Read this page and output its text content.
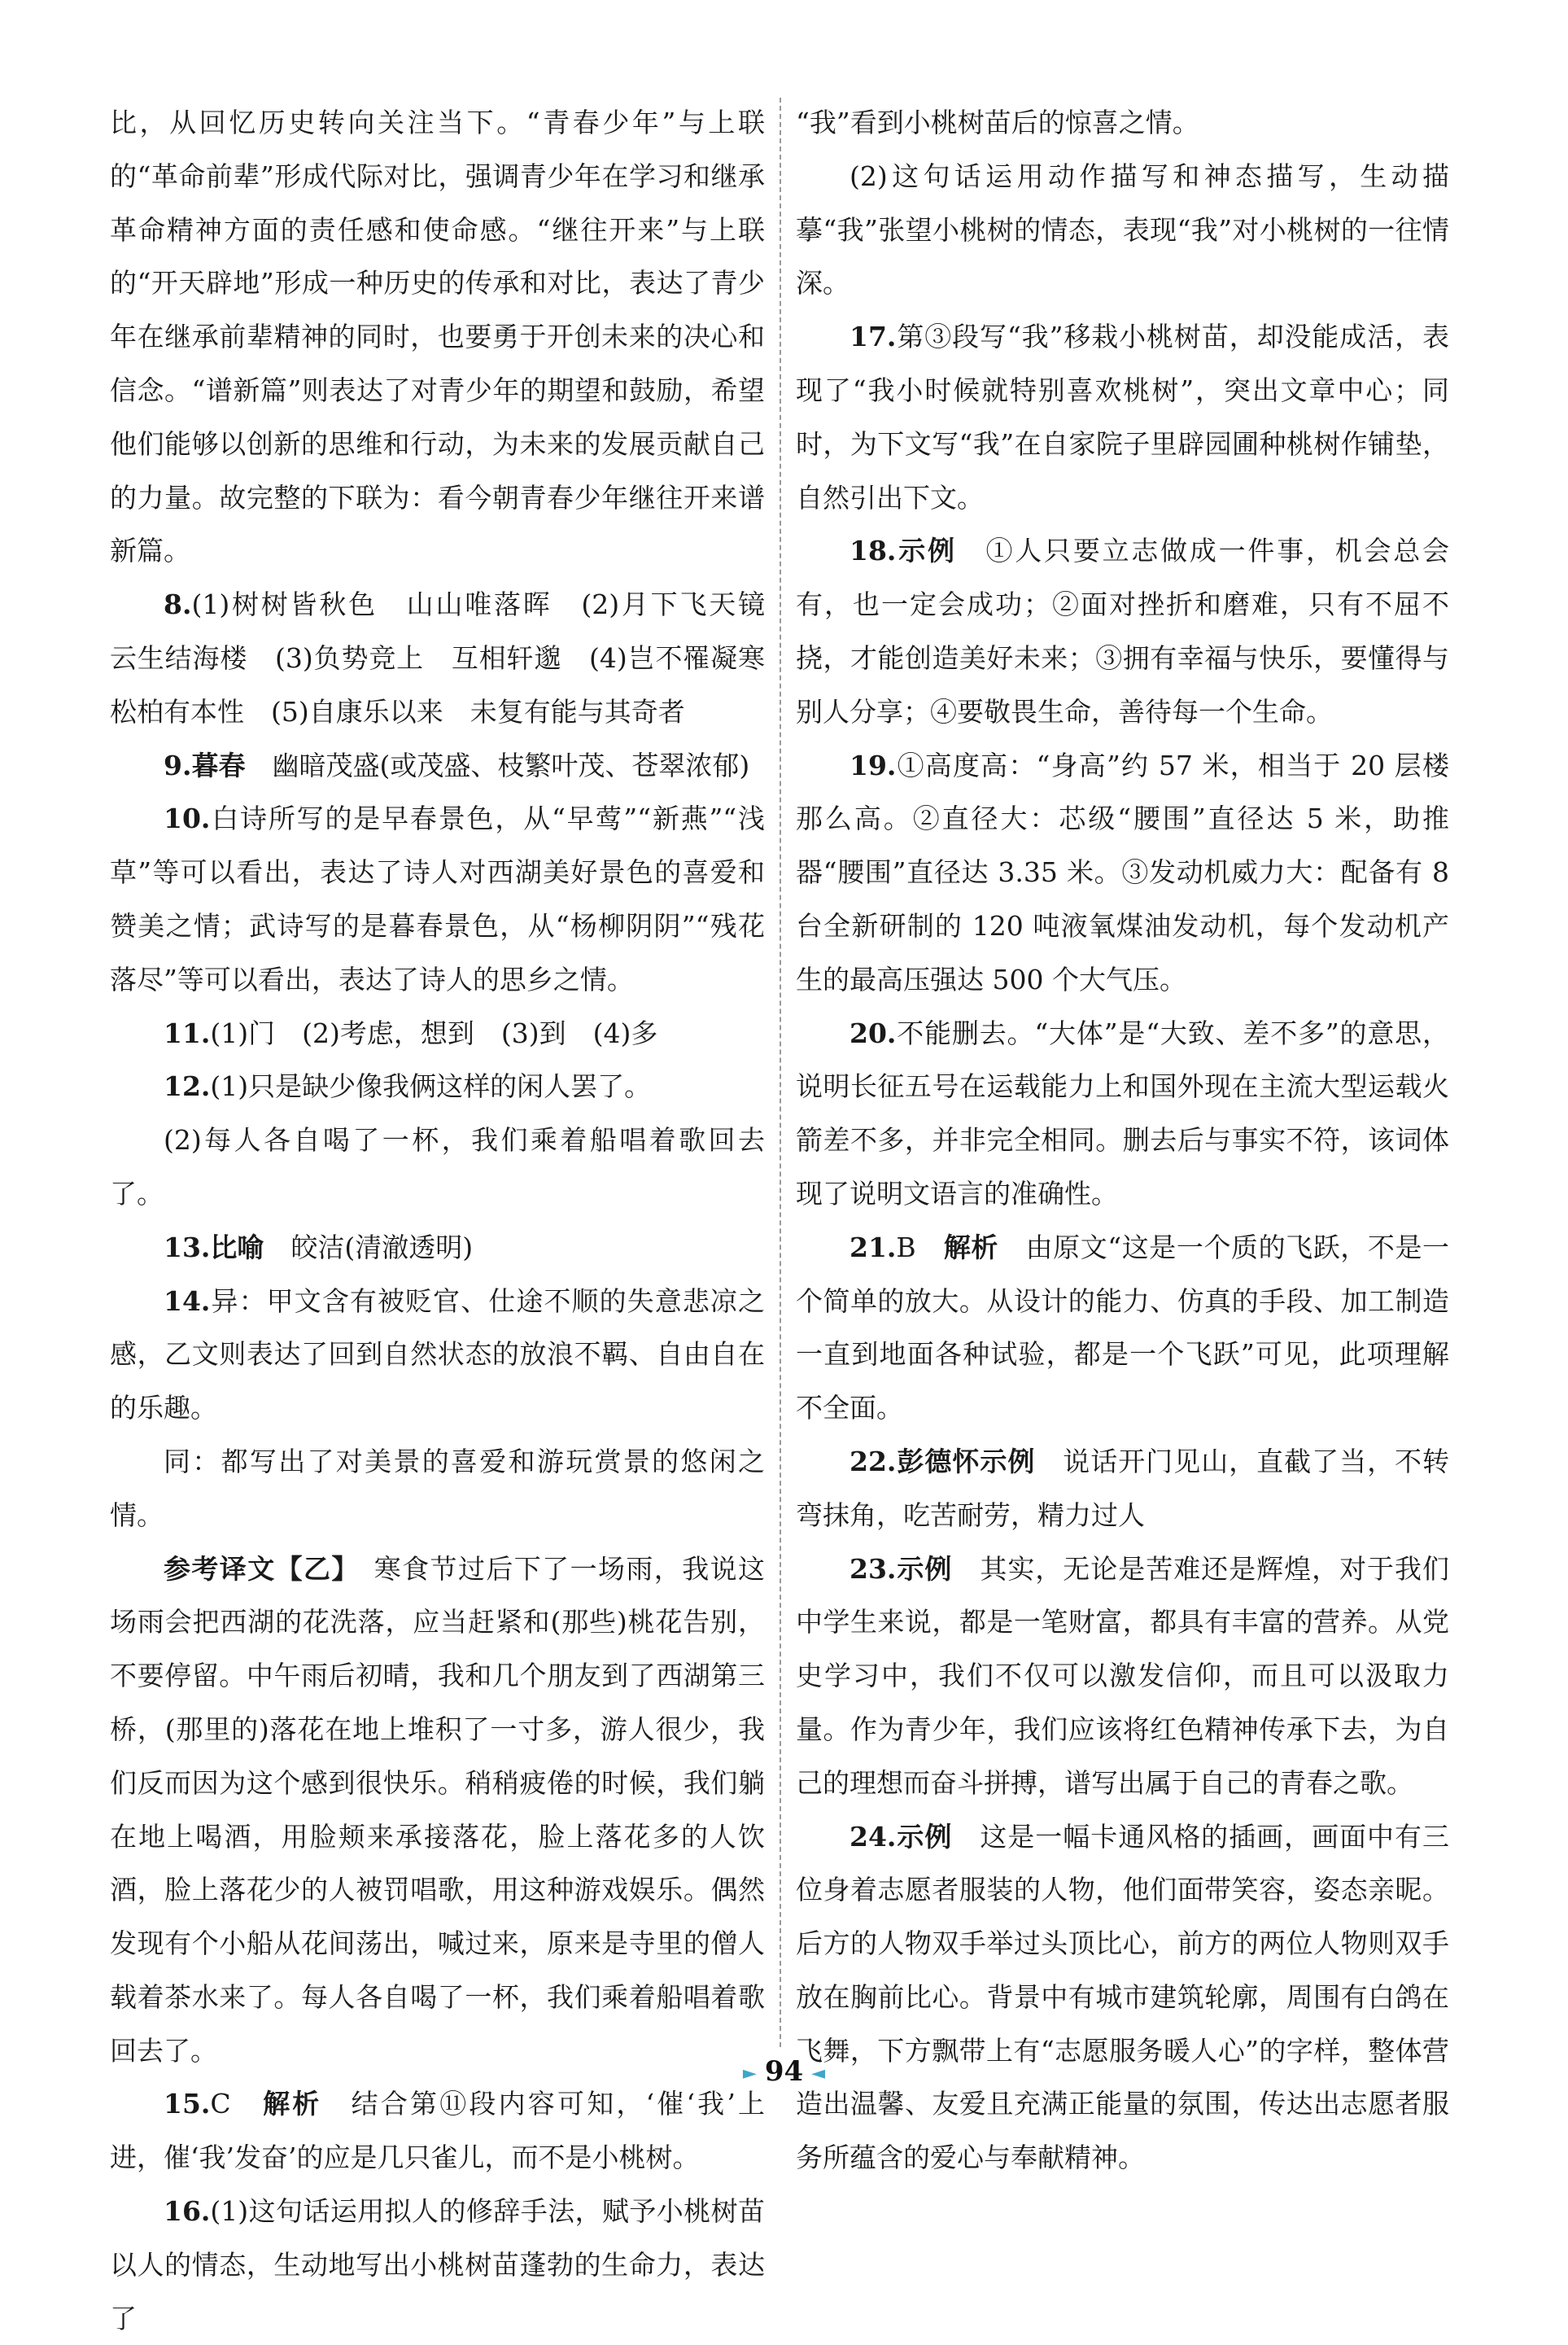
比，从回忆历史转向关注当下。“青春少年”与上联的“革命前辈”形成代际对比，强调青少年在学习和继承革命精神方面的责任感和使命感。“继往开来”与上联的“开天辟地”形成一种历史的传承和对比，表达了青少年在继承前辈精神的同时，也要勇于开创未来的决心和信念。“谱新篇”则表达了对青少年的期望和鼓励，希望他们能够以创新的思维和行动，为未来的发展贡献自己的力量。故完整的下联为：看今朝青春少年继往开来谱新篇。

8.(1)树树皆秋色　山山唯落晖　(2)月下飞天镜　云生结海楼　(3)负势竞上　互相轩邈　(4)岂不罹凝寒　松柏有本性　(5)自康乐以来　未复有能与其奇者

9.暮春　幽暗茂盛(或茂盛、枝繁叶茂、苍翠浓郁)

10.白诗所写的是早春景色，从“早莺”“新燕”“浅草”等可以看出，表达了诗人对西湖美好景色的喜爱和赞美之情；武诗写的是暮春景色，从“杨柳阴阴”“残花落尽”等可以看出，表达了诗人的思乡之情。

11.(1)门　(2)考虑，想到　(3)到　(4)多

12.(1)只是缺少像我俩这样的闲人罢了。

(2)每人各自喝了一杯，我们乘着船唱着歌回去了。

13.比喻　皎洁(清澈透明)

14.异：甲文含有被贬官、仕途不顺的失意悲凉之感，乙文则表达了回到自然状态的放浪不羁、自由自在的乐趣。

同：都写出了对美景的喜爱和游玩赏景的悠闲之情。

参考译文【乙】　 寒食节过后下了一场雨，我说这场雨会把西湖的花洗落，应当赶紧和(那些)桃花告别，不要停留。中午雨后初晴，我和几个朋友到了西湖第三桥，(那里的)落花在地上堆积了一寸多，游人很少，我们反而因为这个感到很快乐。稍稍疲倦的时候，我们躺在地上喝酒，用脸颊来承接落花，脸上落花多的人饮酒，脸上落花少的人被罚唱歌，用这种游戏娱乐。偶然发现有个小船从花间荡出，喊过来，原来是寺里的僧人载着茶水来了。每人各自喝了一杯，我们乘着船唱着歌回去了。

15.C　 解析　 结合第⑪段内容可知，‘催‘我’上进，催‘我’发奋’的应是几只雀儿，而不是小桃树。

16.(1)这句话运用拟人的修辞手法，赋予小桃树苗以人的情态，生动地写出小桃树苗蓬勃的生命力，表达了

“我”看到小桃树苗后的惊喜之情。

(2)这句话运用动作描写和神态描写，生动描摹“我”张望小桃树的情态，表现“我”对小桃树的一往情深。

17.第③段写“我”移栽小桃树苗，却没能成活，表现了“我小时候就特别喜欢桃树”，突出文章中心；同时，为下文写“我”在自家院子里辟园圃种桃树作铺垫，自然引出下文。

18.示例　 ①人只要立志做成一件事，机会总会有，也一定会成功；②面对挫折和磨难，只有不屈不挠，才能创造美好未来；③拥有幸福与快乐，要懂得与别人分享；④要敬畏生命，善待每一个生命。

19.①高度高：“身高”约 57 米，相当于 20 层楼那么高。②直径大：芯级“腰围”直径达 5 米，助推器“腰围”直径达 3.35 米。③发动机威力大：配备有 8 台全新研制的 120 吨液氧煤油发动机，每个发动机产生的最高压强达 500 个大气压。

20.不能删去。“大体”是“大致、差不多”的意思，说明长征五号在运载能力上和国外现在主流大型运载火箭差不多，并非完全相同。删去后与事实不符，该词体现了说明文语言的准确性。

21.B　 解析　 由原文“这是一个质的飞跃，不是一个简单的放大。从设计的能力、仿真的手段、加工制造一直到地面各种试验，都是一个飞跃”可见，此项理解不全面。

22.彭德怀示例　 说话开门见山，直截了当，不转弯抹角，吃苦耐劳，精力过人

23.示例　 其实，无论是苦难还是辉煌，对于我们中学生来说，都是一笔财富，都具有丰富的营养。从党史学习中，我们不仅可以激发信仰，而且可以汲取力量。作为青少年，我们应该将红色精神传承下去，为自己的理想而奋斗拼搏，谱写出属于自己的青春之歌。

24.示例　 这是一幅卡通风格的插画，画面中有三位身着志愿者服装的人物，他们面带笑容，姿态亲昵。后方的人物双手举过头顶比心，前方的两位人物则双手放在胸前比心。背景中有城市建筑轮廓，周围有白鸽在飞舞，下方飘带上有“志愿服务暖人心”的字样，整体营造出温馨、友爱且充满正能量的氛围，传达出志愿者服务所蕴含的爱心与奉献精神。

► 94 ◄
